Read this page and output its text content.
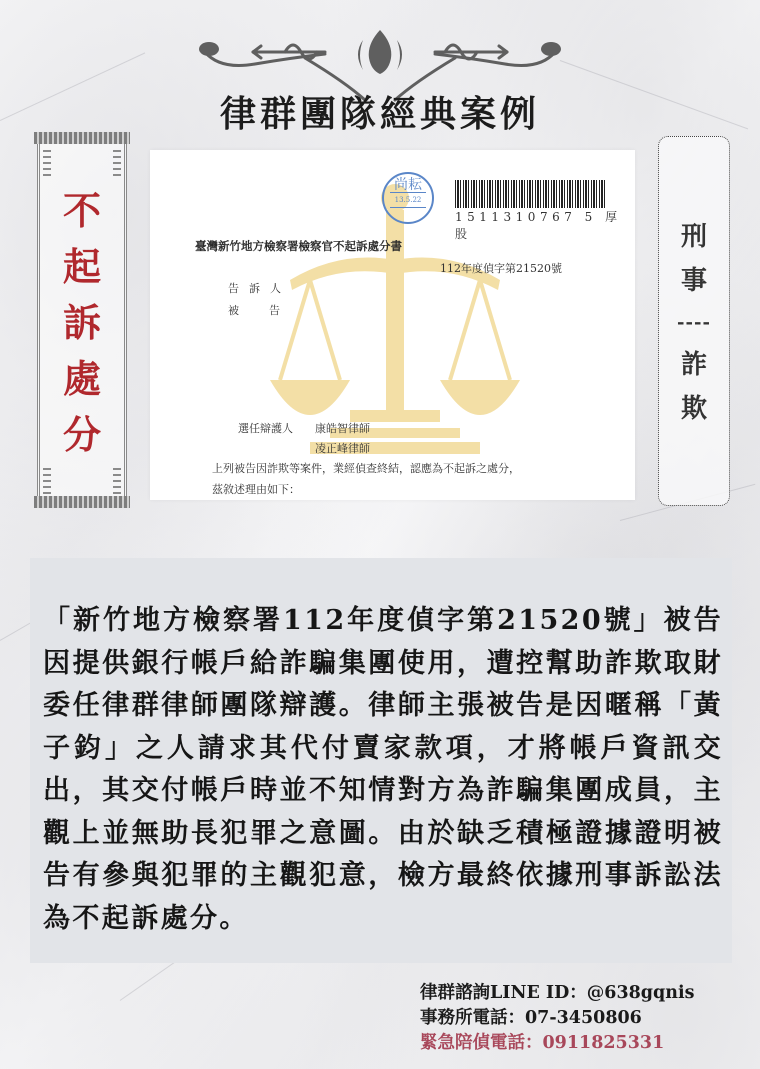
律群團隊經典案例
不
起
訴
處
分
尚耘
13.5.22
1511310767 5 厚股
臺灣新竹地方檢察署檢察官不起訴處分書
112年度偵字第21520號
告訴人
被告
選任辯護人 康皓智律師
凌正峰律師
上列被告因詐欺等案件，業經偵查終結，認應為不起訴之處分，
茲敘述理由如下：
刑
事
----
詐
欺
「新竹地方檢察署112年度偵字第21520號」被告因提供銀行帳戶給詐騙集團使用，遭控幫助詐欺取財委任律群律師團隊辯護。律師主張被告是因暱稱「黃子鈞」之人請求其代付賣家款項，才將帳戶資訊交出，其交付帳戶時並不知情對方為詐騙集團成員，主觀上並無助長犯罪之意圖。由於缺乏積極證據證明被告有參與犯罪的主觀犯意，檢方最終依據刑事訴訟法為不起訴處分。
律群諮詢LINE ID：@638gqnis
事務所電話：07-3450806
緊急陪偵電話：0911825331
